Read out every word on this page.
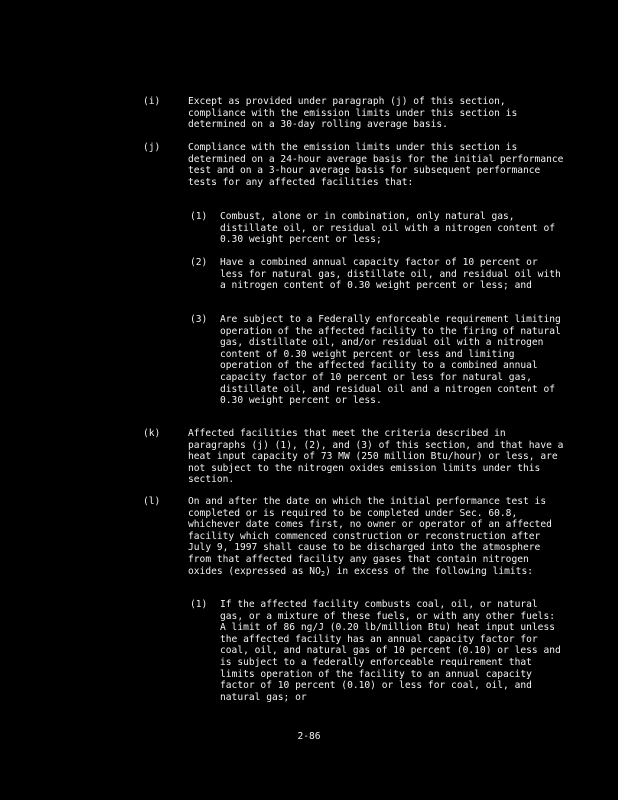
(i)	Except as provided under paragraph (j) of this section, compliance with the emission limits under this section is determined on a 30-day rolling average basis.
(j)	Compliance with the emission limits under this section is determined on a 24-hour average basis for the initial performance test and on a 3-hour average basis for subsequent performance tests for any affected facilities that:
(1)	Combust, alone or in combination, only natural gas, distillate oil, or residual oil with a nitrogen content of 0.30 weight percent or less;
(2)	Have a combined annual capacity factor of 10 percent or less for natural gas, distillate oil, and residual oil with a nitrogen content of 0.30 weight percent or less; and
(3)	Are subject to a Federally enforceable requirement limiting operation of the affected facility to the firing of natural gas, distillate oil, and/or residual oil with a nitrogen content of 0.30 weight percent or less and limiting operation of the affected facility to a combined annual capacity factor of 10 percent or less for natural gas, distillate oil, and residual oil and a nitrogen content of 0.30 weight percent or less.
(k)	Affected facilities that meet the criteria described in paragraphs (j) (1), (2), and (3) of this section, and that have a heat input capacity of 73 MW (250 million Btu/hour) or less, are not subject to the nitrogen oxides emission limits under this section.
(l)	On and after the date on which the initial performance test is completed or is required to be completed under Sec. 60.8, whichever date comes first, no owner or operator of an affected facility which commenced construction or reconstruction after July 9, 1997 shall cause to be discharged into the atmosphere from that affected facility any gases that contain nitrogen oxides (expressed as $NO_2$) in excess of the following limits:
(1)	If the affected facility combusts coal, oil, or natural gas, or a mixture of these fuels, or with any other fuels: A limit of 86 ng/J (0.20 lb/million Btu) heat input unless the affected facility has an annual capacity factor for coal, oil, and natural gas of 10 percent (0.10) or less and is subject to a federally enforceable requirement that limits operation of the facility to an annual capacity factor of 10 percent (0.10) or less for coal, oil, and natural gas; or
2-86
